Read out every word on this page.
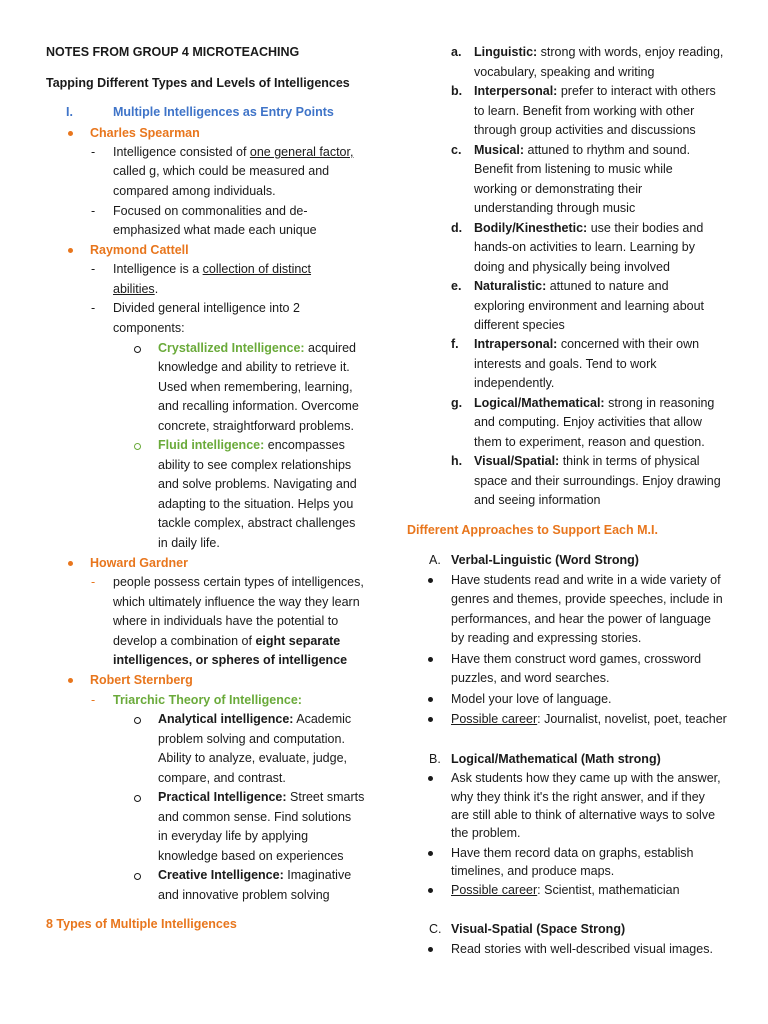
NOTES FROM GROUP 4 MICROTEACHING
Tapping Different Types and Levels of Intelligences
I.	Multiple Intelligences as Entry Points
Charles Spearman
- Intelligence consisted of one general factor,
called g, which could be measured and
compared among individuals.
- Focused on commonalities and de-
emphasized what made each unique
Raymond Cattell
- Intelligence is a collection of distinct
abilities.
- Divided general intelligence into 2
components:
Crystallized Intelligence: acquired
knowledge and ability to retrieve it.
Used when remembering, learning,
and recalling information. Overcome
concrete, straightforward problems.
Fluid intelligence: encompasses
ability to see complex relationships
and solve problems. Navigating and
adapting to the situation. Helps you
tackle complex, abstract challenges
in daily life.
Howard Gardner
- people possess certain types of intelligences,
which ultimately influence the way they learn
where in individuals have the potential to
develop a combination of eight separate
intelligences, or spheres of intelligence
Robert Sternberg
- Triarchic Theory of Intelligence:
Analytical intelligence: Academic
problem solving and computation.
Ability to analyze, evaluate, judge,
compare, and contrast.
Practical Intelligence: Street smarts
and common sense. Find solutions
in everyday life by applying
knowledge based on experiences
Creative Intelligence: Imaginative
and innovative problem solving
8 Types of Multiple Intelligences
a. Linguistic: strong with words, enjoy reading,
vocabulary, speaking and writing
b. Interpersonal: prefer to interact with others
to learn. Benefit from working with other
through group activities and discussions
c. Musical: attuned to rhythm and sound.
Benefit from listening to music while
working or demonstrating their
understanding through music
d. Bodily/Kinesthetic: use their bodies and
hands-on activities to learn. Learning by
doing and physically being involved
e. Naturalistic: attuned to nature and
exploring environment and learning about
different species
f. Intrapersonal: concerned with their own
interests and goals. Tend to work
independently.
g. Logical/Mathematical: strong in reasoning
and computing. Enjoy activities that allow
them to experiment, reason and question.
h. Visual/Spatial: think in terms of physical
space and their surroundings. Enjoy drawing
and seeing information
Different Approaches to Support Each M.I.
A. Verbal-Linguistic (Word Strong)
Have students read and write in a wide variety of
genres and themes, provide speeches, include in
performances, and hear the power of language
by reading and expressing stories.
Have them construct word games, crossword
puzzles, and word searches.
Model your love of language.
Possible career: Journalist, novelist, poet, teacher
B. Logical/Mathematical (Math strong)
Ask students how they came up with the answer,
why they think it's the right answer, and if they
are still able to think of alternative ways to solve
the problem.
Have them record data on graphs, establish
timelines, and produce maps.
Possible career: Scientist, mathematician
C. Visual-Spatial (Space Strong)
Read stories with well-described visual images.
